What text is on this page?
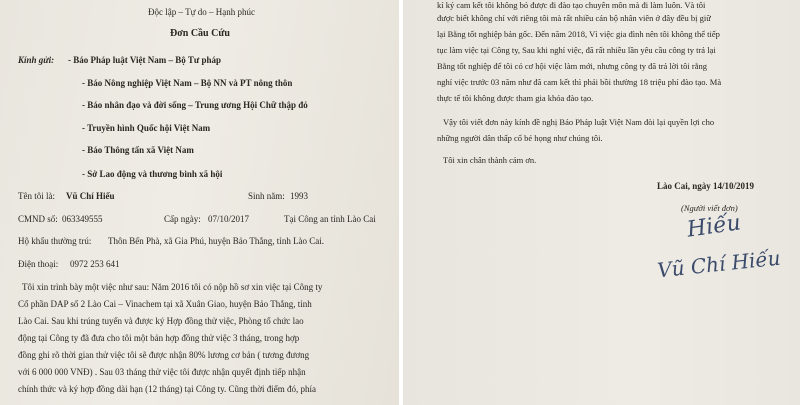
Độc lập – Tự do – Hạnh phúc
Đơn Cầu Cứu
Kính gửi: - Báo Pháp luật Việt Nam – Bộ Tư pháp
- Báo Nông nghiệp Việt Nam – Bộ NN và PT nông thôn
- Báo nhân đạo và đời sống – Trung ương Hội Chữ thập đỏ
- Truyền hình Quốc hội Việt Nam
- Báo Thông tấn xã Việt Nam
- Sở Lao động và thương binh xã hội
Tên tôi là: Vũ Chí Hiếu	Sinh năm: 1993
CMND số: 063349555	Cấp ngày: 07/10/2017	Tại Công an tỉnh Lào Cai
Hộ khẩu thường trú: Thôn Bến Phà, xã Gia Phú, huyện Bảo Thắng, tỉnh Lào Cai.
Điện thoại: 0972 253 641
Tôi xin trình bày một việc như sau: Năm 2016 tôi có nộp hồ sơ xin việc tại Công ty
Cổ phần DAP số 2 Lào Cai – Vinachem tại xã Xuân Giao, huyện Bảo Thắng, tỉnh
Lào Cai. Sau khi trúng tuyển và được ký Hợp đồng thử việc, Phòng tổ chức lao
động tại Công ty đã đưa cho tôi một bản hợp đồng thử việc 3 tháng, trong hợp
đồng ghi rõ thời gian thử việc tôi sẽ được nhận 80% lương cơ bản ( tương đương
với 6 000 000 VNĐ) . Sau 03 tháng thử việc tôi được nhận quyết định tiếp nhận
chính thức và ký hợp đồng dài hạn (12 tháng) tại Công ty. Cũng thời điểm đó, phía
kí ký cam kết tôi không bỏ được đi đào tạo chuyên môn mà đi làm luôn. Và tôi
được biết không chỉ với riêng tôi mà rất nhiều cán bộ nhân viên ở đây đều bị giữ
lại Bằng tốt nghiệp bản gốc. Đến năm 2018, Vì việc gia đình nên tôi không thể tiếp
tục làm việc tại Công ty, Sau khi nghỉ việc, đã rất nhiều lần yêu cầu công ty trả lại
Bằng tốt nghiệp để tôi có cơ hội việc làm mới, nhưng công ty đã trả lời tôi rằng
nghỉ việc trước 03 năm như đã cam kết thì phải bồi thường 18 triệu phí đào tạo. Mà
thực tế tôi không được tham gia khóa đào tạo.
Vậy tôi viết đơn này kính đề nghị Báo Pháp luật Việt Nam đòi lại quyền lợi cho
những người dân thấp cổ bé họng như chúng tôi.
Tôi xin chân thành cảm ơn.
Lào Cai, ngày 14/10/2019
(Người viết đơn)
Hiếu
Vũ Chí Hiếu
